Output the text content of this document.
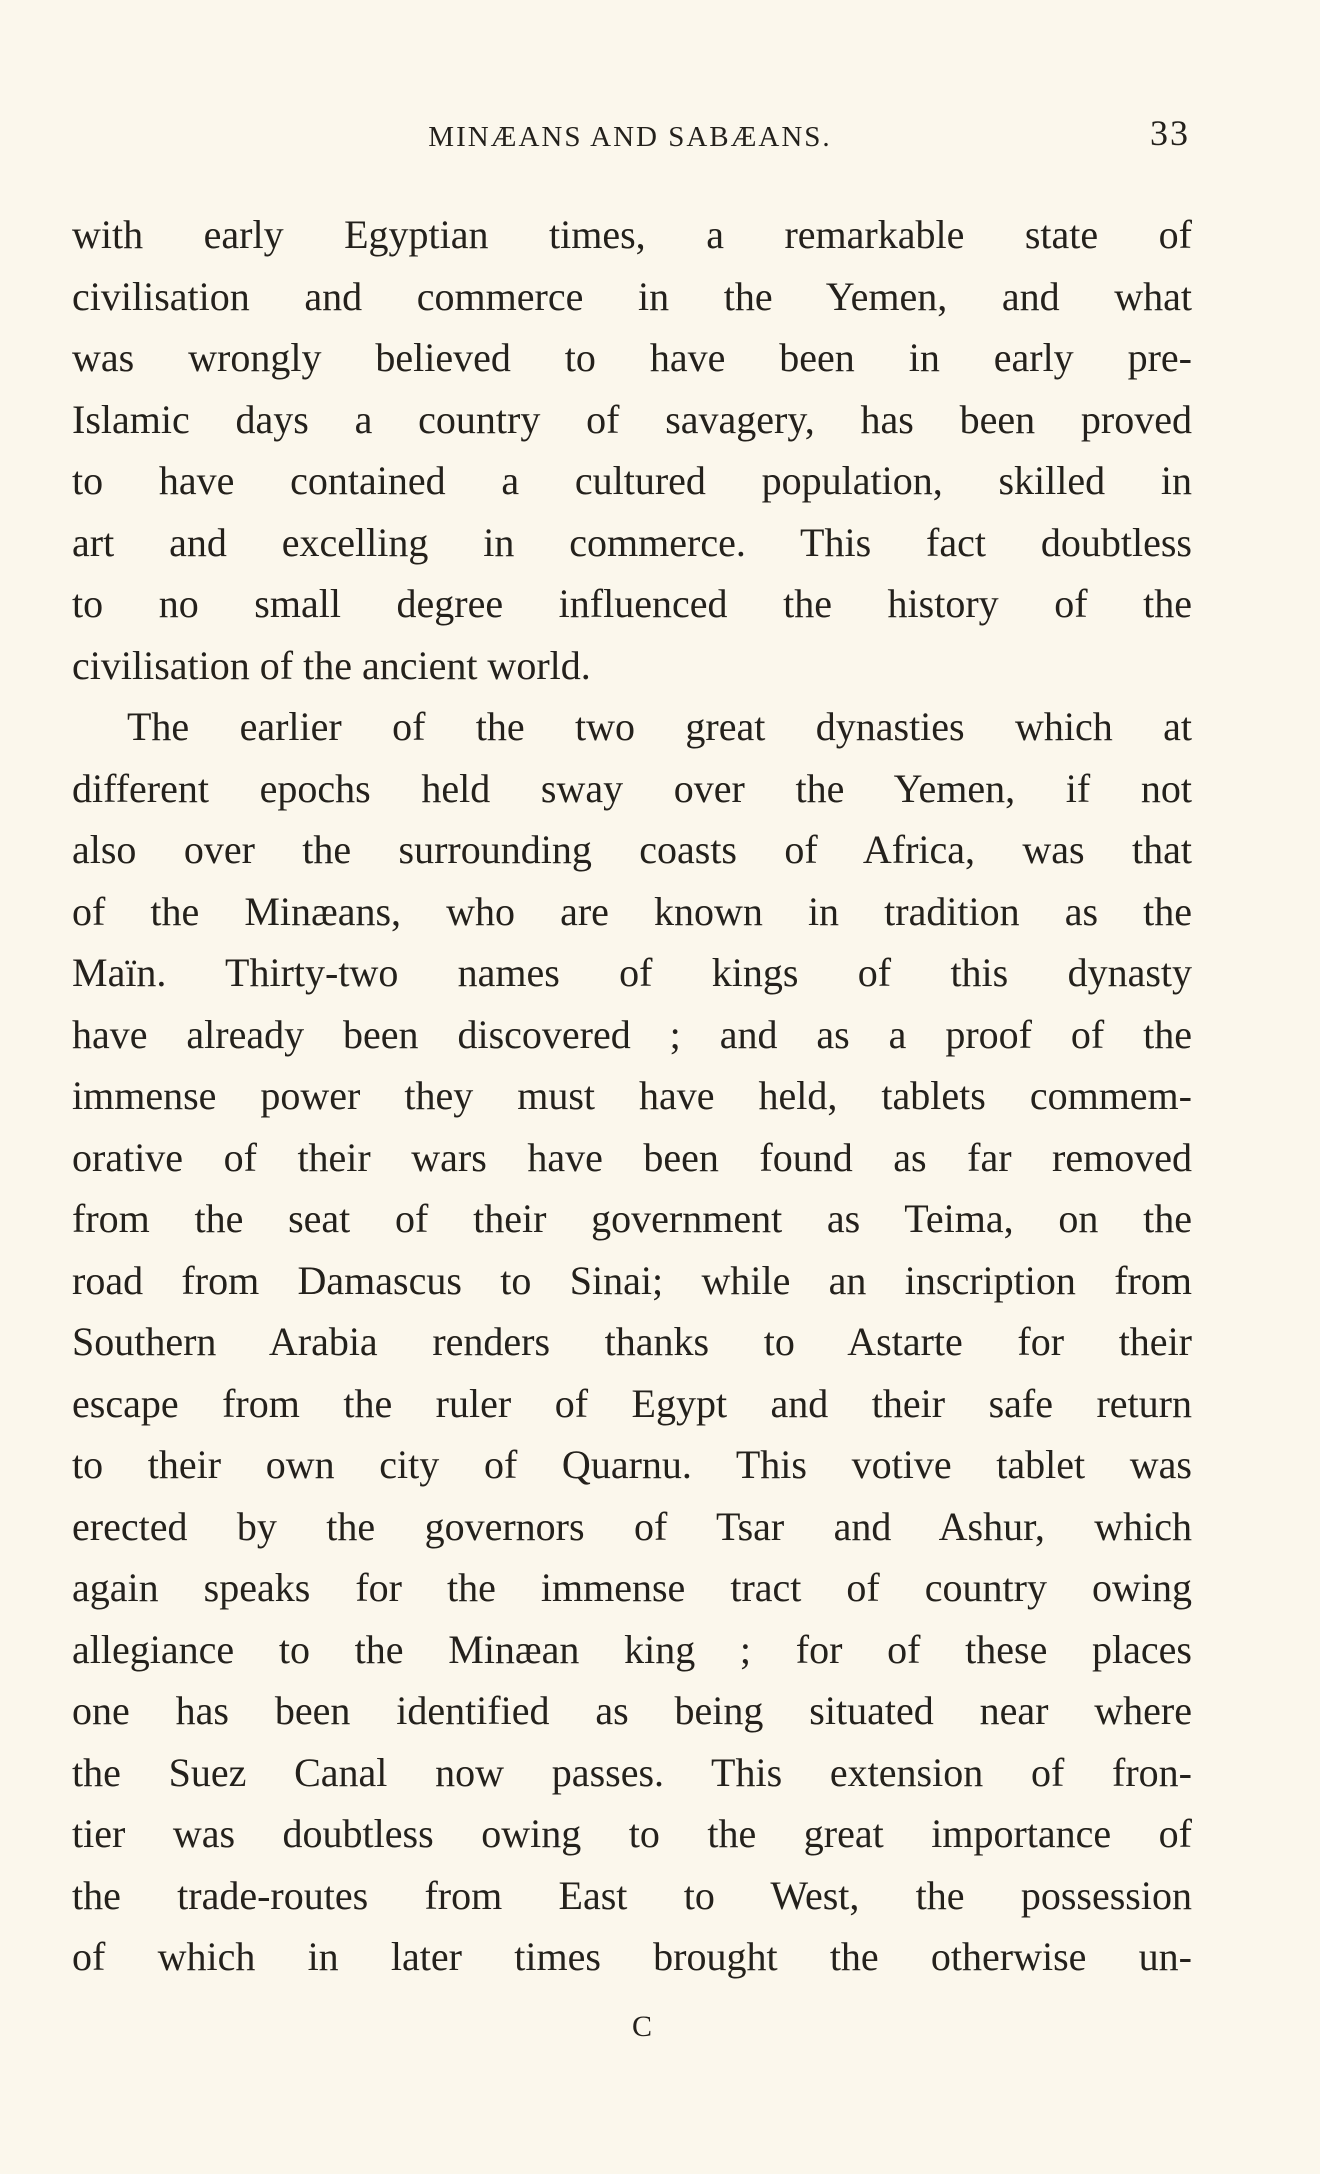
MINÆANS AND SABÆANS.	33
with early Egyptian times, a remarkable state of
civilisation and commerce in the Yemen, and what
was wrongly believed to have been in early pre-
Islamic days a country of savagery, has been proved
to have contained a cultured population, skilled in
art and excelling in commerce. This fact doubtless
to no small degree influenced the history of the
civilisation of the ancient world.
The earlier of the two great dynasties which at
different epochs held sway over the Yemen, if not
also over the surrounding coasts of Africa, was that
of the Minæans, who are known in tradition as the
Maïn. Thirty-two names of kings of this dynasty
have already been discovered ; and as a proof of the
immense power they must have held, tablets commem-
orative of their wars have been found as far removed
from the seat of their government as Teima, on the
road from Damascus to Sinai; while an inscription from
Southern Arabia renders thanks to Astarte for their
escape from the ruler of Egypt and their safe return
to their own city of Quarnu. This votive tablet was
erected by the governors of Tsar and Ashur, which
again speaks for the immense tract of country owing
allegiance to the Minæan king ; for of these places
one has been identified as being situated near where
the Suez Canal now passes. This extension of fron-
tier was doubtless owing to the great importance of
the trade-routes from East to West, the possession
of which in later times brought the otherwise un-
C
